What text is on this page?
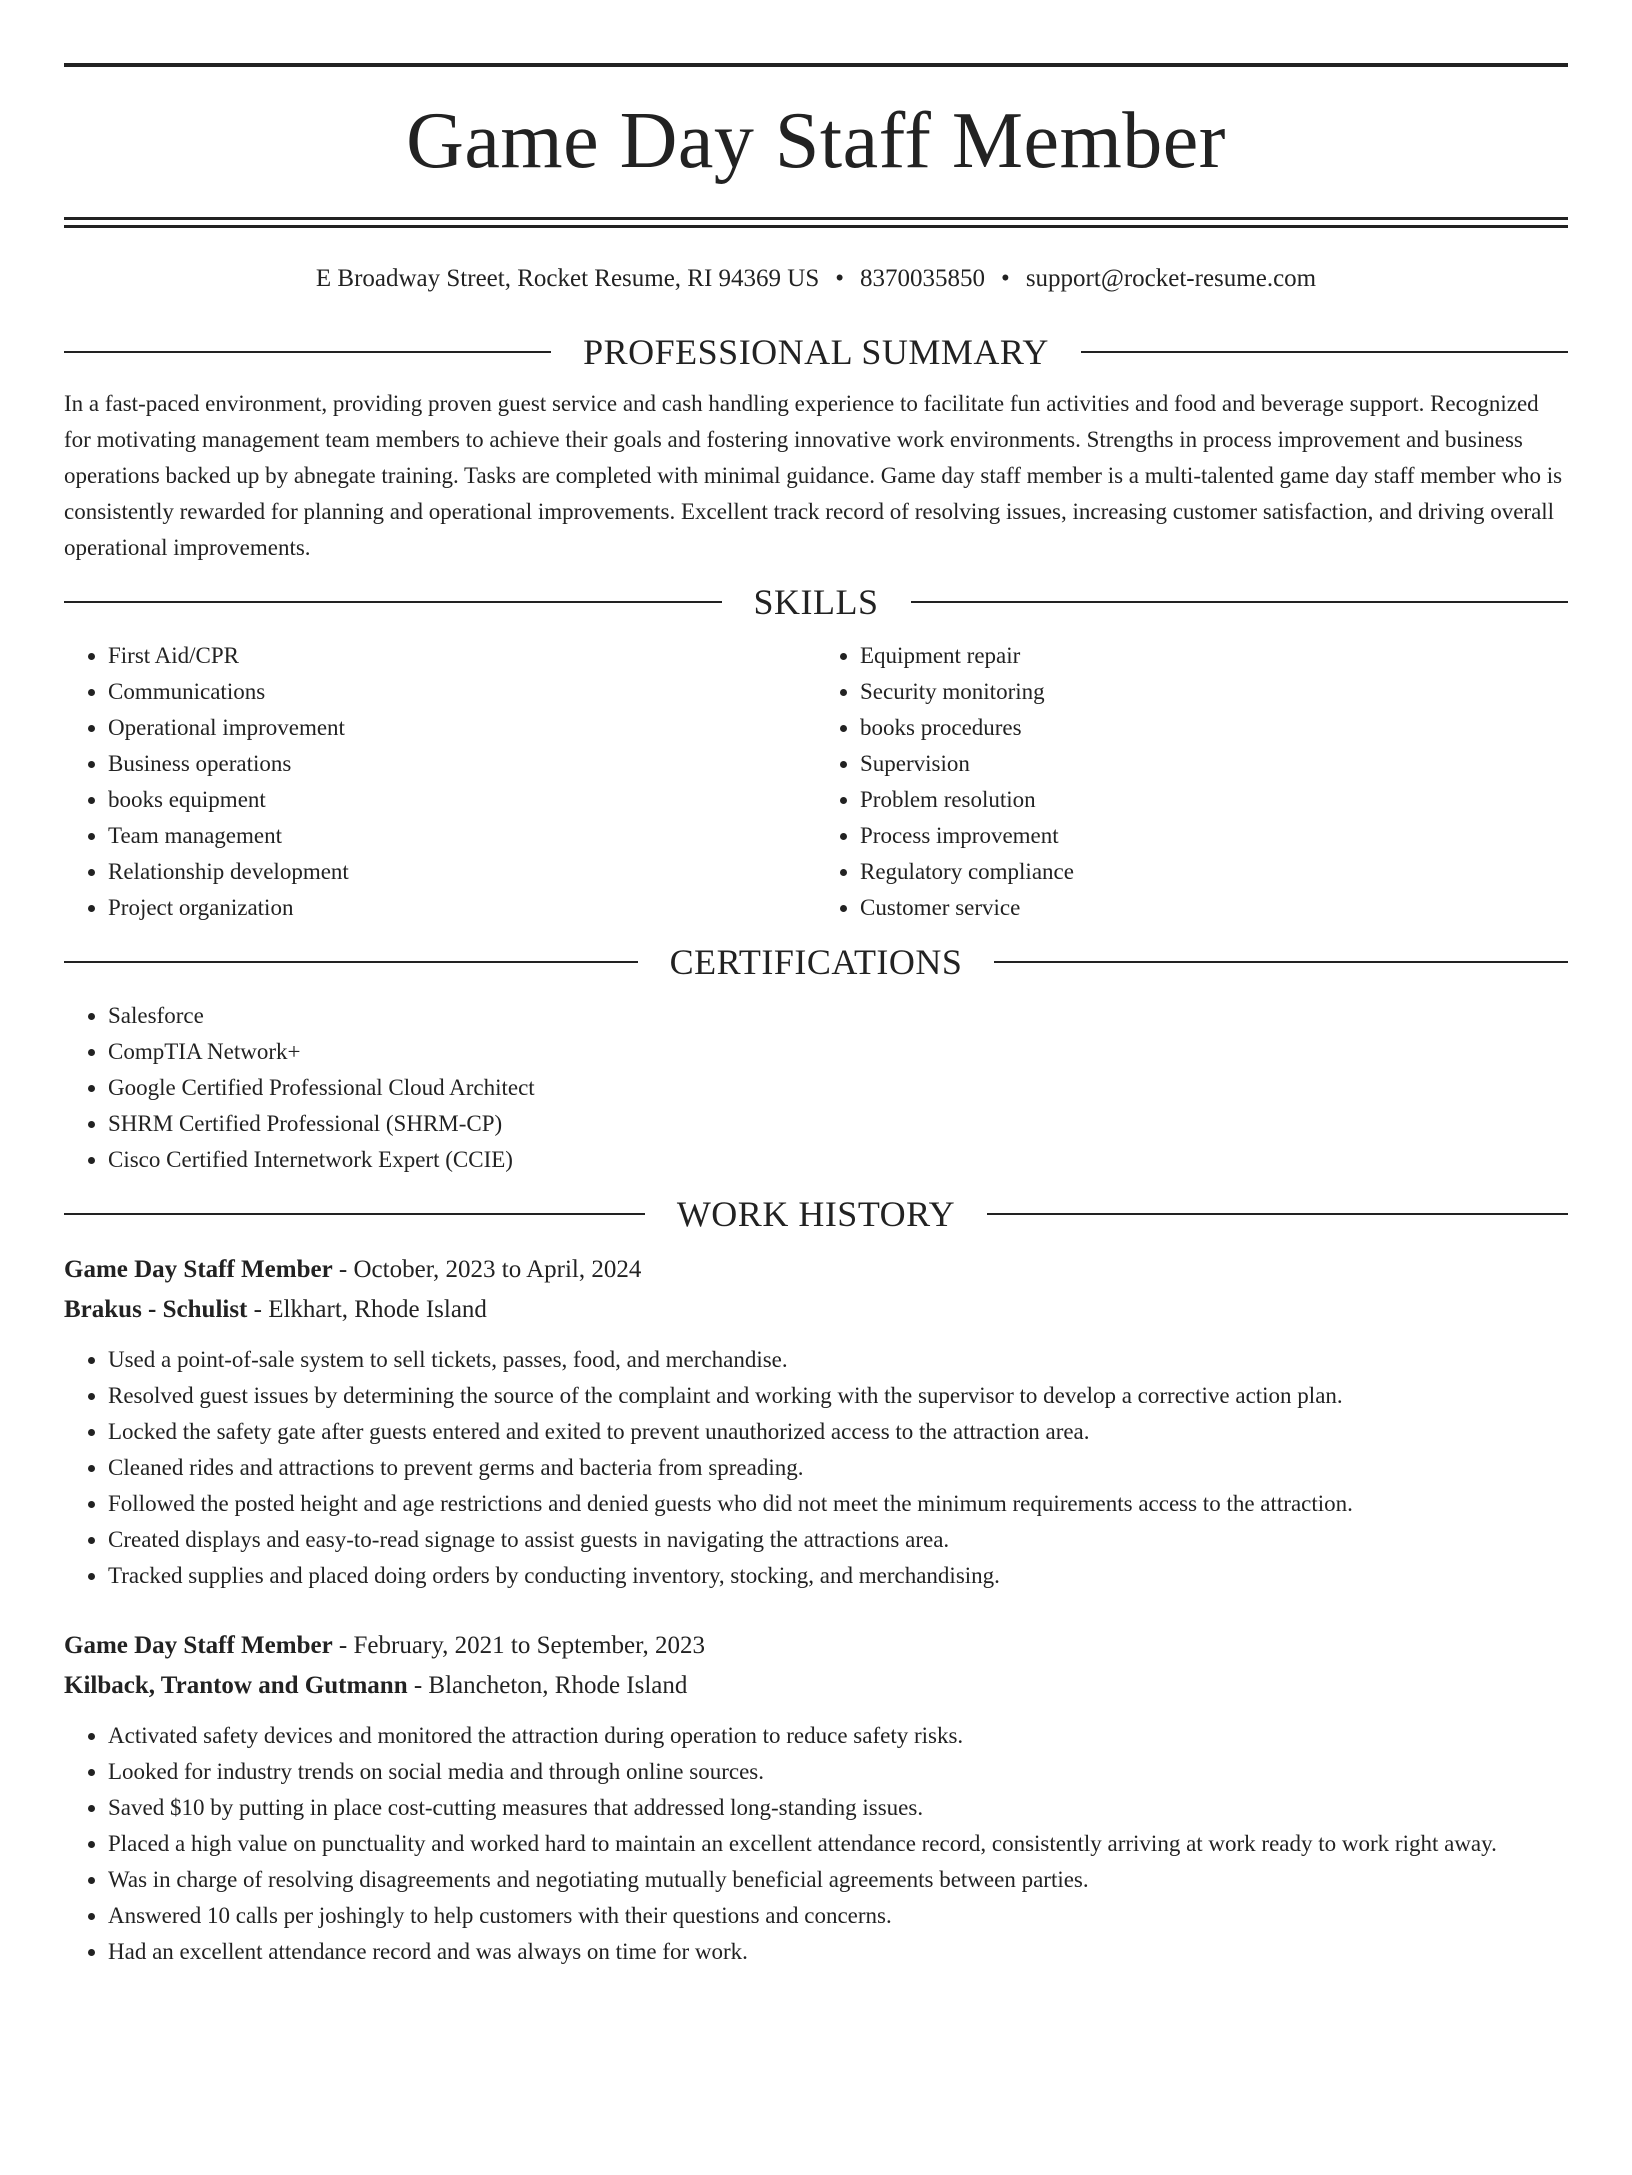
Game Day Staff Member
E Broadway Street, Rocket Resume, RI 94369 US • 8370035850 • support@rocket-resume.com
PROFESSIONAL SUMMARY

In a fast-paced environment, providing proven guest service and cash handling experience to facilitate fun activities and food and beverage support. Recognized for motivating management team members to achieve their goals and fostering innovative work environments. Strengths in process improvement and business operations backed up by abnegate training. Tasks are completed with minimal guidance. Game day staff member is a multi-talented game day staff member who is consistently rewarded for planning and operational improvements. Excellent track record of resolving issues, increasing customer satisfaction, and driving overall operational improvements.

SKILLS
• First Aid/CPR
• Communications
• Operational improvement
• Business operations
• books equipment
• Team management
• Relationship development
• Project organization
• Equipment repair
• Security monitoring
• books procedures
• Supervision
• Problem resolution
• Process improvement
• Regulatory compliance
• Customer service
CERTIFICATIONS
• Salesforce
• CompTIA Network+
• Google Certified Professional Cloud Architect
• SHRM Certified Professional (SHRM-CP)
• Cisco Certified Internetwork Expert (CCIE)
WORK HISTORY
Game Day Staff Member - October, 2023 to April, 2024
Brakus - Schulist - Elkhart, Rhode Island
• Used a point-of-sale system to sell tickets, passes, food, and merchandise.
• Resolved guest issues by determining the source of the complaint and working with the supervisor to develop a corrective action plan.
• Locked the safety gate after guests entered and exited to prevent unauthorized access to the attraction area.
• Cleaned rides and attractions to prevent germs and bacteria from spreading.
• Followed the posted height and age restrictions and denied guests who did not meet the minimum requirements access to the attraction.
• Created displays and easy-to-read signage to assist guests in navigating the attractions area.
• Tracked supplies and placed doing orders by conducting inventory, stocking, and merchandising.
Game Day Staff Member - February, 2021 to September, 2023
Kilback, Trantow and Gutmann - Blancheton, Rhode Island
• Activated safety devices and monitored the attraction during operation to reduce safety risks.
• Looked for industry trends on social media and through online sources.
• Saved $10 by putting in place cost-cutting measures that addressed long-standing issues.
• Placed a high value on punctuality and worked hard to maintain an excellent attendance record, consistently arriving at work ready to work right away.
• Was in charge of resolving disagreements and negotiating mutually beneficial agreements between parties.
• Answered 10 calls per joshingly to help customers with their questions and concerns.
• Had an excellent attendance record and was always on time for work.
